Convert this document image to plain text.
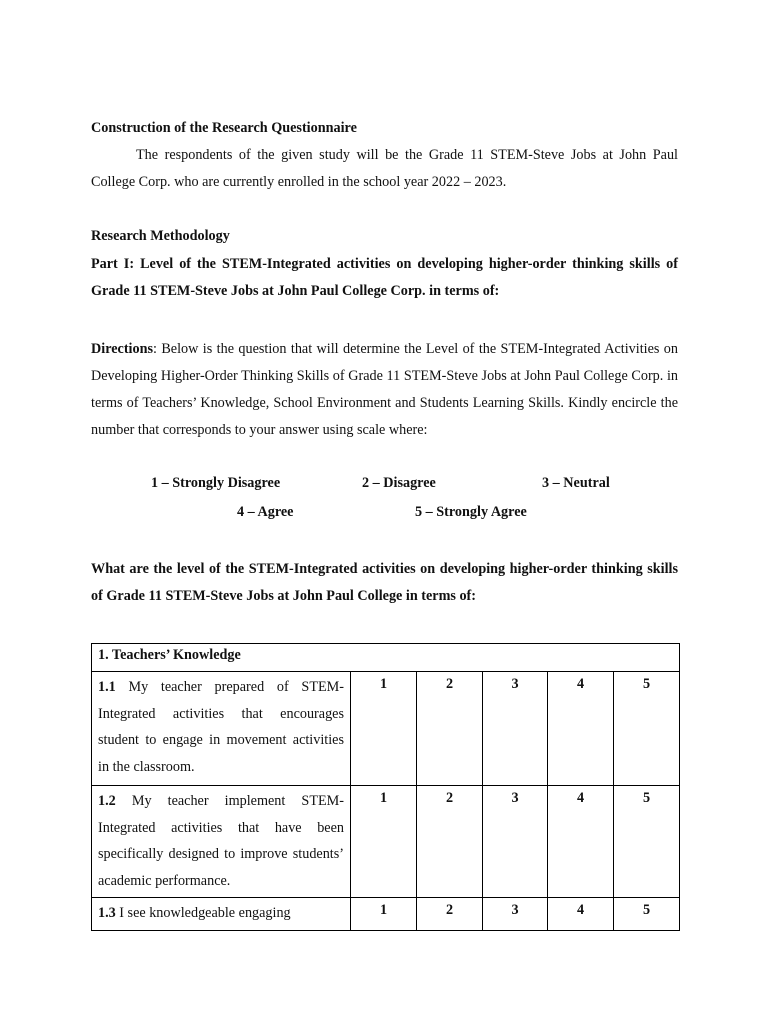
Construction of the Research Questionnaire
The respondents of the given study will be the Grade 11 STEM-Steve Jobs at John Paul College Corp. who are currently enrolled in the school year 2022 – 2023.
Research Methodology
Part I: Level of the STEM-Integrated activities on developing higher-order thinking skills of Grade 11 STEM-Steve Jobs at John Paul College Corp. in terms of:
Directions: Below is the question that will determine the Level of the STEM-Integrated Activities on Developing Higher-Order Thinking Skills of Grade 11 STEM-Steve Jobs at John Paul College Corp. in terms of Teachers’ Knowledge, School Environment and Students Learning Skills. Kindly encircle the number that corresponds to your answer using scale where:
1 – Strongly Disagree	2 – Disagree	3 – Neutral
4 – Agree	5 – Strongly Agree
What are the level of the STEM-Integrated activities on developing higher-order thinking skills of Grade 11 STEM-Steve Jobs at John Paul College in terms of:
1. Teachers’ Knowledge					
1.1 My teacher prepared of STEM-Integrated activities that encourages student to engage in movement activities in the classroom.	1	2	3	4	5
1.2 My teacher implement STEM-Integrated activities that have been specifically designed to improve students’ academic performance.	1	2	3	4	5
1.3 I see knowledgeable engaging	1	2	3	4	5
